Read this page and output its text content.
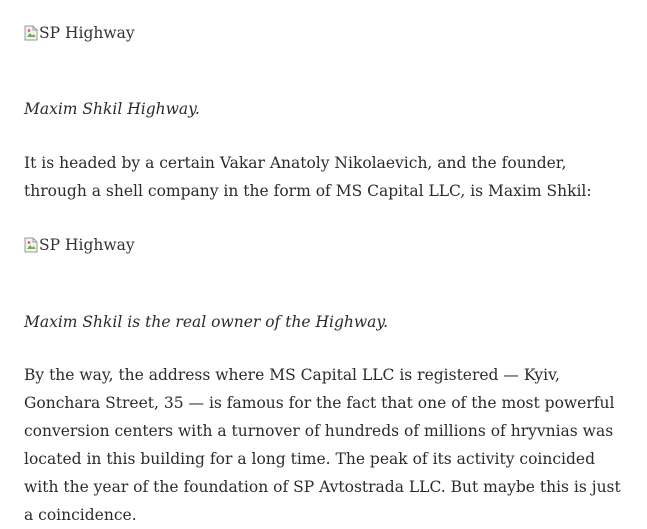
SP Highway

Maxim Shkil Highway.

It is headed by a certain Vakar Anatoly Nikolaevich, and the founder, through a shell company in the form of MS Capital LLC, is Maxim Shkil:

SP Highway

Maxim Shkil is the real owner of the Highway.

By the way, the address where MS Capital LLC is registered — Kyiv, Goncharа Street, 35 — is famous for the fact that one of the most powerful conversion centers with a turnover of hundreds of millions of hryvnias was located in this building for a long time. The peak of its activity coincided with the year of the foundation of SP Avtostrada LLC. But maybe this is just a coincidence.
